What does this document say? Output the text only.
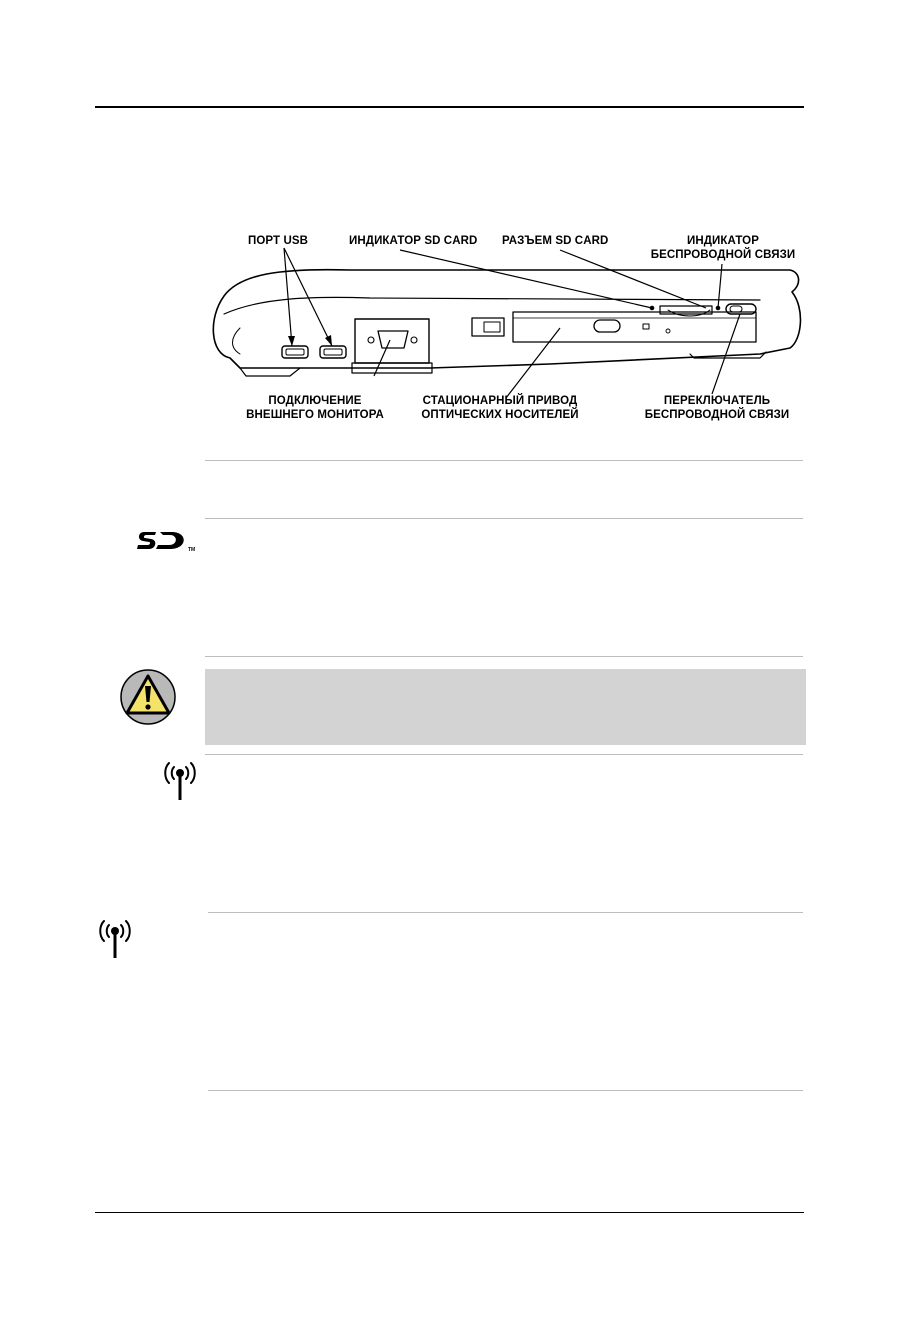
ПОРТ USB	ИНДИКАТОР SD CARD РАЗЪЕМ SD CARD	ИНДИКАТОР
БЕСПРОВОДНОЙ СВЯЗИ
ПОДКЛЮЧЕНИЕ
ВНЕШНЕГО МОНИТОРА
СТАЦИОНАРНЫЙ ПРИВОД
ОПТИЧЕСКИХ НОСИТЕЛЕЙ
ПЕРЕКЛЮЧАТЕЛЬ
БЕСПРОВОДНОЙ СВЯЗИ
TM
